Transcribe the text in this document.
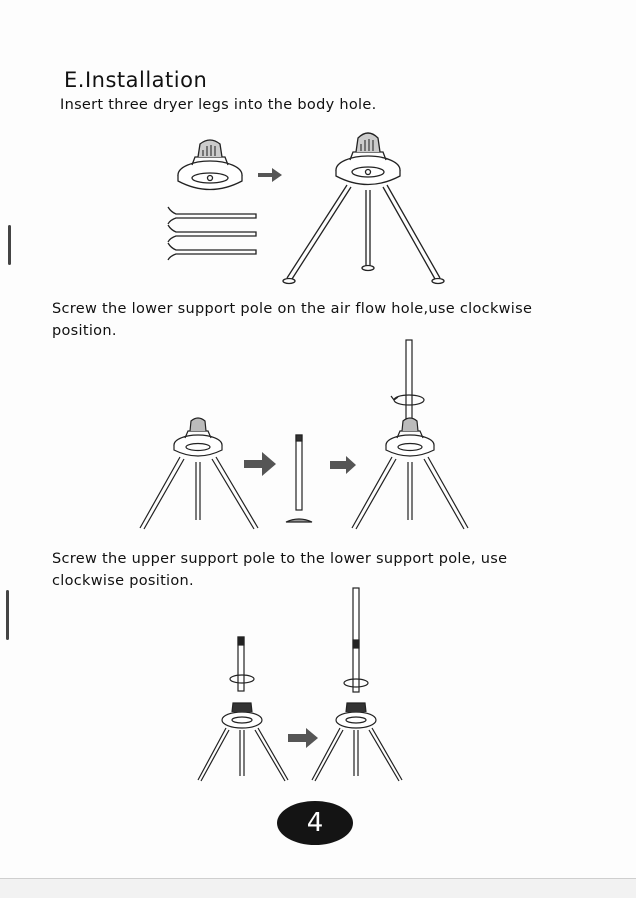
E.Installation

Insert three dryer legs into the body hole.

Screw the lower support pole on the air flow hole,use clockwise position.

Screw the upper support pole to the lower support pole, use clockwise position.

4
